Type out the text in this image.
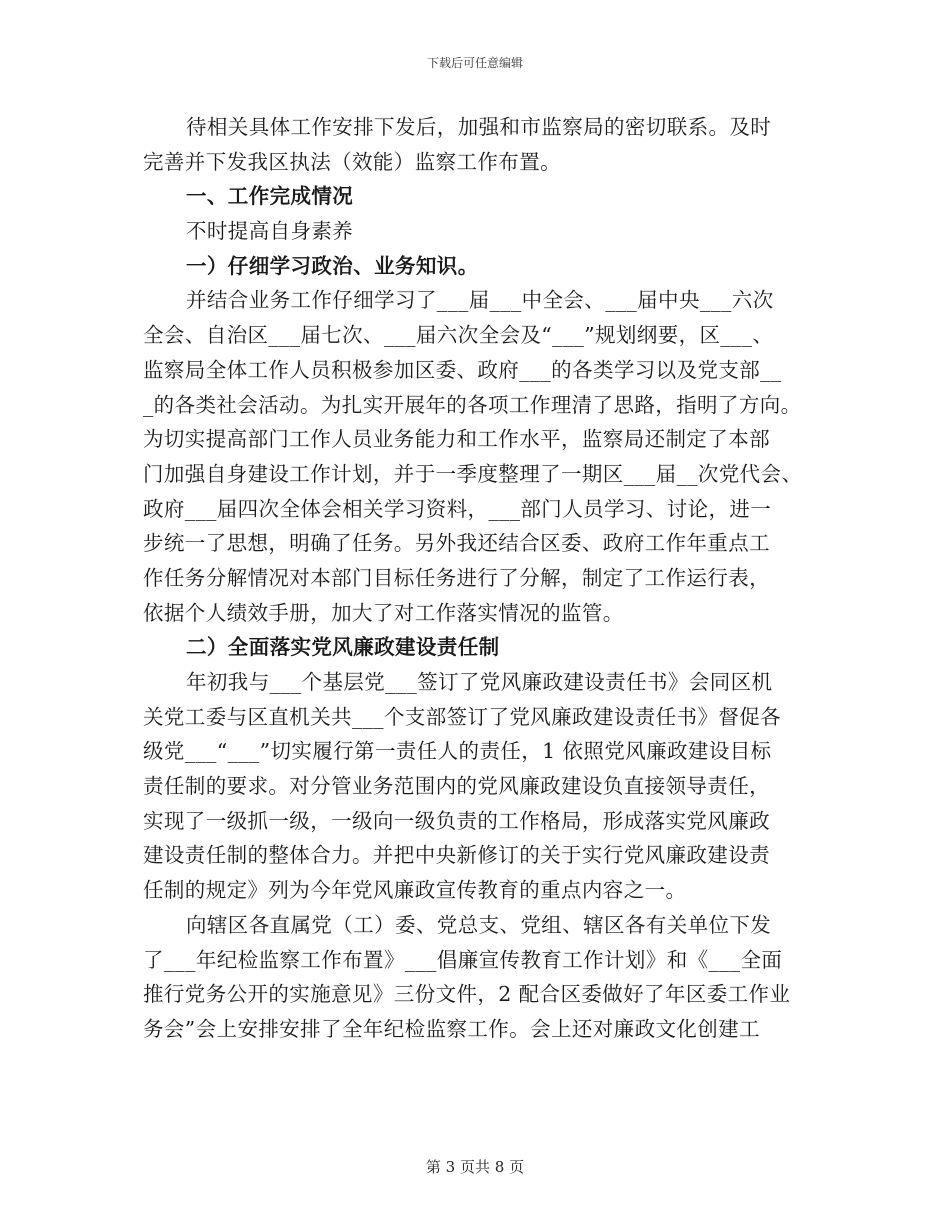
下载后可任意编辑
待相关具体工作安排下发后，加强和市监察局的密切联系。及时
完善并下发我区执法（效能）监察工作布置。
一、工作完成情况
不时提高自身素养
一）仔细学习政治、业务知识。
并结合业务工作仔细学习了___届___中全会、___届中央___六次
全会、自治区___届七次、___届六次全会及“___”规划纲要，区___、
监察局全体工作人员积极参加区委、政府___的各类学习以及党支部__
_的各类社会活动。为扎实开展年的各项工作理清了思路，指明了方向。
为切实提高部门工作人员业务能力和工作水平，监察局还制定了本部
门加强自身建设工作计划，并于一季度整理了一期区___届__次党代会、
政府___届四次全体会相关学习资料，___部门人员学习、讨论，进一
步统一了思想，明确了任务。另外我还结合区委、政府工作年重点工
作任务分解情况对本部门目标任务进行了分解，制定了工作运行表，
依据个人绩效手册，加大了对工作落实情况的监管。
二）全面落实党风廉政建设责任制
年初我与___个基层党___签订了党风廉政建设责任书》会同区机
关党工委与区直机关共___个支部签订了党风廉政建设责任书》督促各
级党___“___”切实履行第一责任人的责任，1 依照党风廉政建设目标
责任制的要求。对分管业务范围内的党风廉政建设负直接领导责任，
实现了一级抓一级，一级向一级负责的工作格局，形成落实党风廉政
建设责任制的整体合力。并把中央新修订的关于实行党风廉政建设责
任制的规定》列为今年党风廉政宣传教育的重点内容之一。
向辖区各直属党（工）委、党总支、党组、辖区各有关单位下发
了___年纪检监察工作布置》___倡廉宣传教育工作计划》和《___全面
推行党务公开的实施意见》三份文件，2 配合区委做好了年区委工作业
务会”会上安排安排了全年纪检监察工作。会上还对廉政文化创建工
第 3 页共 8 页
